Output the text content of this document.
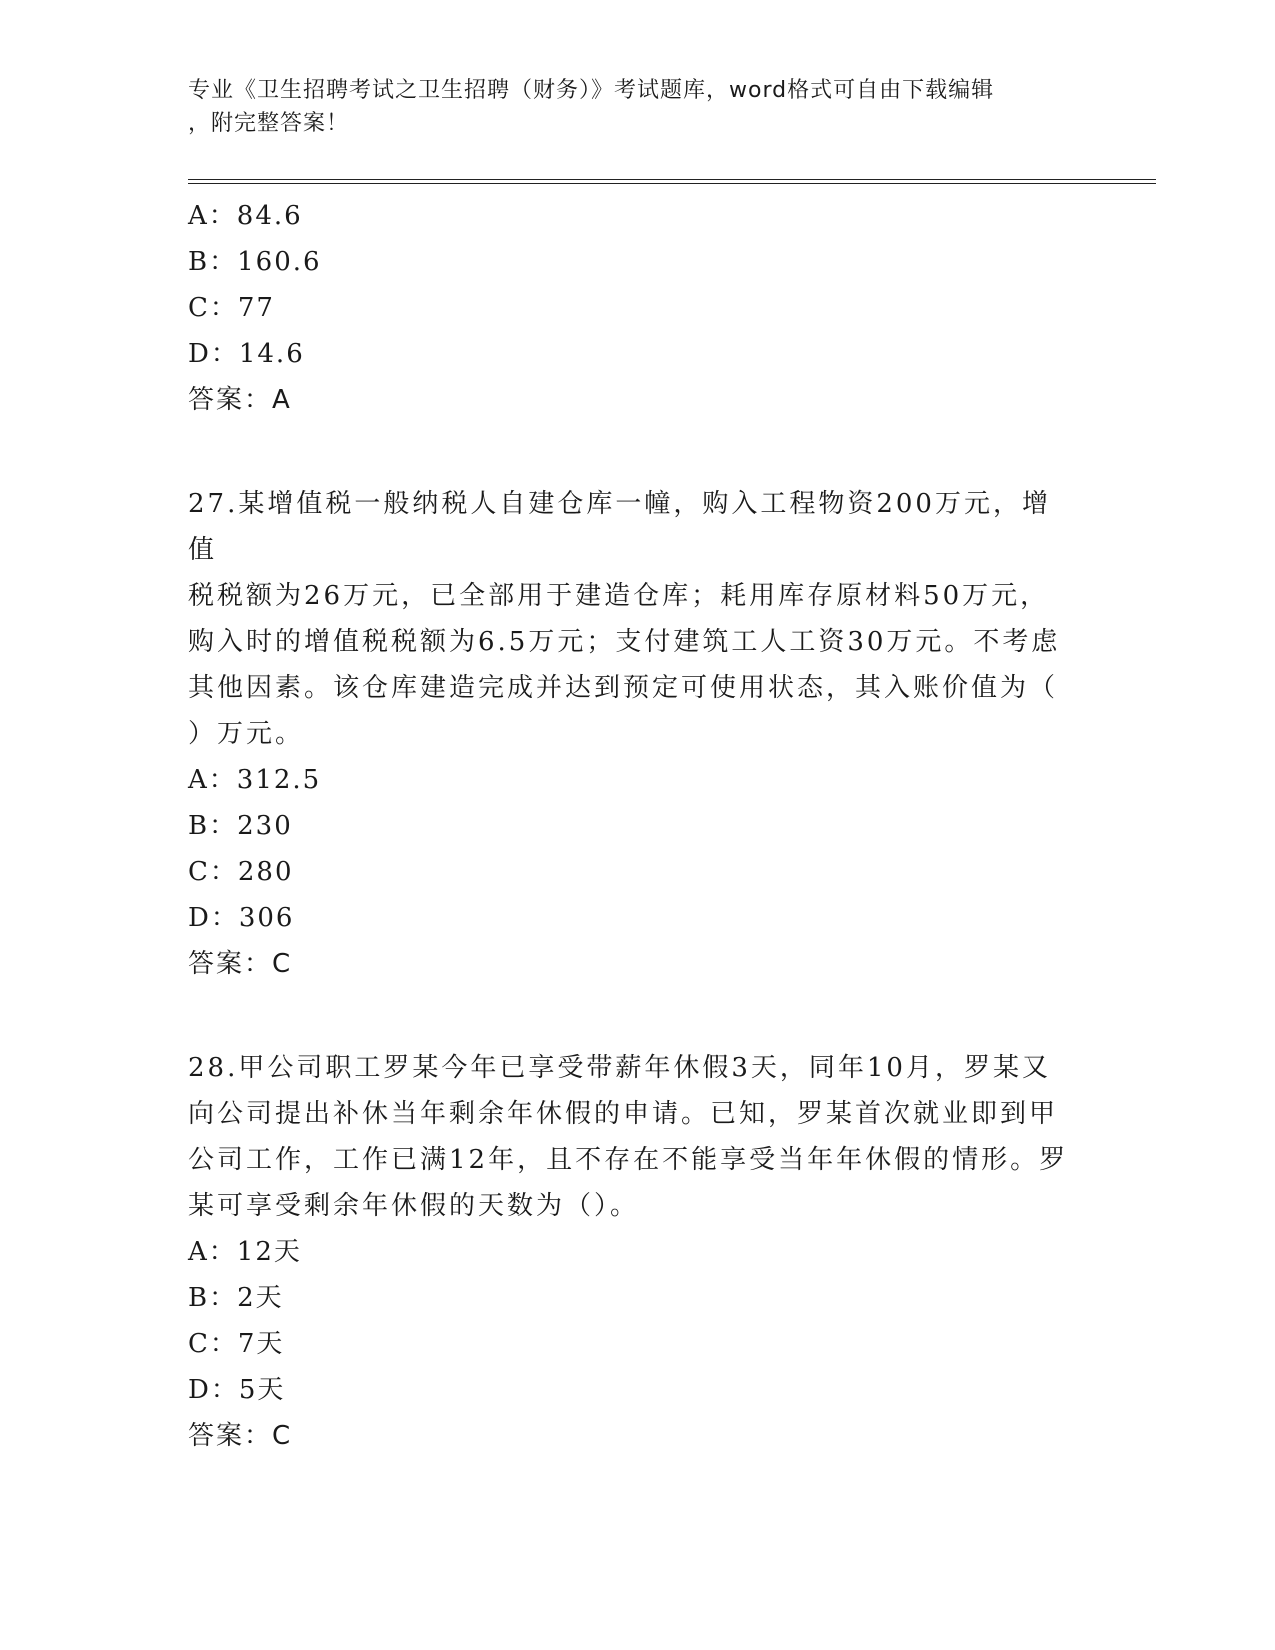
专业《卫生招聘考试之卫生招聘（财务）》考试题库，word格式可自由下载编辑
，附完整答案！
A：84.6
B：160.6
C：77
D：14.6
答案：A
27.某增值税一般纳税人自建仓库一幢，购入工程物资200万元，增值
税税额为26万元，已全部用于建造仓库；耗用库存原材料50万元，
购入时的增值税税额为6.5万元；支付建筑工人工资30万元。不考虑
其他因素。该仓库建造完成并达到预定可使用状态，其入账价值为（
）万元。
A：312.5
B：230
C：280
D：306
答案：C
28.甲公司职工罗某今年已享受带薪年休假3天，同年10月，罗某又
向公司提出补休当年剩余年休假的申请。已知，罗某首次就业即到甲
公司工作，工作已满12年，且不存在不能享受当年年休假的情形。罗
某可享受剩余年休假的天数为（）。
A：12天
B：2天
C：7天
D：5天
答案：C
